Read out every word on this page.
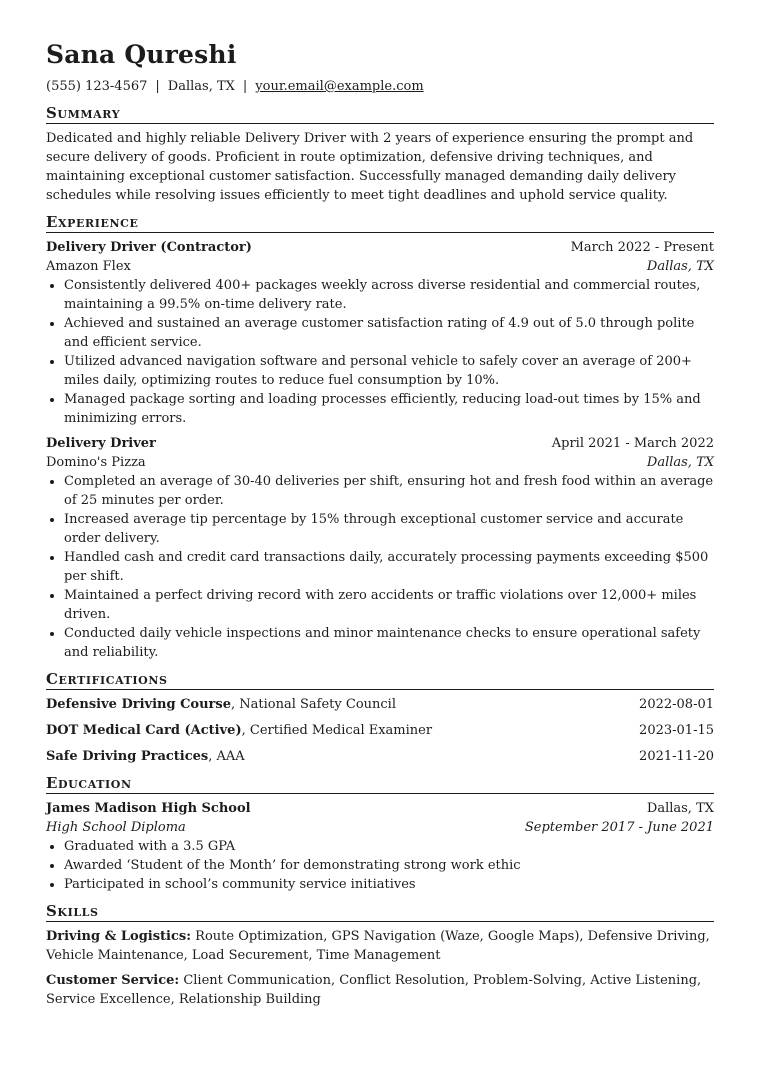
Sana Qureshi
(555) 123-4567 | Dallas, TX | your.email@example.com
Summary

Dedicated and highly reliable Delivery Driver with 2 years of experience ensuring the prompt and secure delivery of goods. Proficient in route optimization, defensive driving techniques, and maintaining exceptional customer satisfaction. Successfully managed demanding daily delivery schedules while resolving issues efficiently to meet tight deadlines and uphold service quality.

Experience
Delivery Driver (Contractor)	March 2022 - Present
Amazon Flex	Dallas, TX
• Consistently delivered 400+ packages weekly across diverse residential and commercial routes, maintaining a 99.5% on-time delivery rate.
• Achieved and sustained an average customer satisfaction rating of 4.9 out of 5.0 through polite and efficient service.
• Utilized advanced navigation software and personal vehicle to safely cover an average of 200+ miles daily, optimizing routes to reduce fuel consumption by 10%.
• Managed package sorting and loading processes efficiently, reducing load-out times by 15% and minimizing errors.
Delivery Driver	April 2021 - March 2022
Domino's Pizza	Dallas, TX
• Completed an average of 30-40 deliveries per shift, ensuring hot and fresh food within an average of 25 minutes per order.
• Increased average tip percentage by 15% through exceptional customer service and accurate order delivery.
• Handled cash and credit card transactions daily, accurately processing payments exceeding $500 per shift.
• Maintained a perfect driving record with zero accidents or traffic violations over 12,000+ miles driven.
• Conducted daily vehicle inspections and minor maintenance checks to ensure operational safety and reliability.
Certifications
Defensive Driving Course, National Safety Council	2022-08-01
DOT Medical Card (Active), Certified Medical Examiner	2023-01-15
Safe Driving Practices, AAA	2021-11-20
Education
James Madison High School	Dallas, TX
High School Diploma	September 2017 - June 2021
• Graduated with a 3.5 GPA
• Awarded ‘Student of the Month’ for demonstrating strong work ethic
• Participated in school’s community service initiatives
Skills
Driving & Logistics: Route Optimization, GPS Navigation (Waze, Google Maps), Defensive Driving, Vehicle Maintenance, Load Securement, Time Management
Customer Service: Client Communication, Conflict Resolution, Problem-Solving, Active Listening, Service Excellence, Relationship Building
